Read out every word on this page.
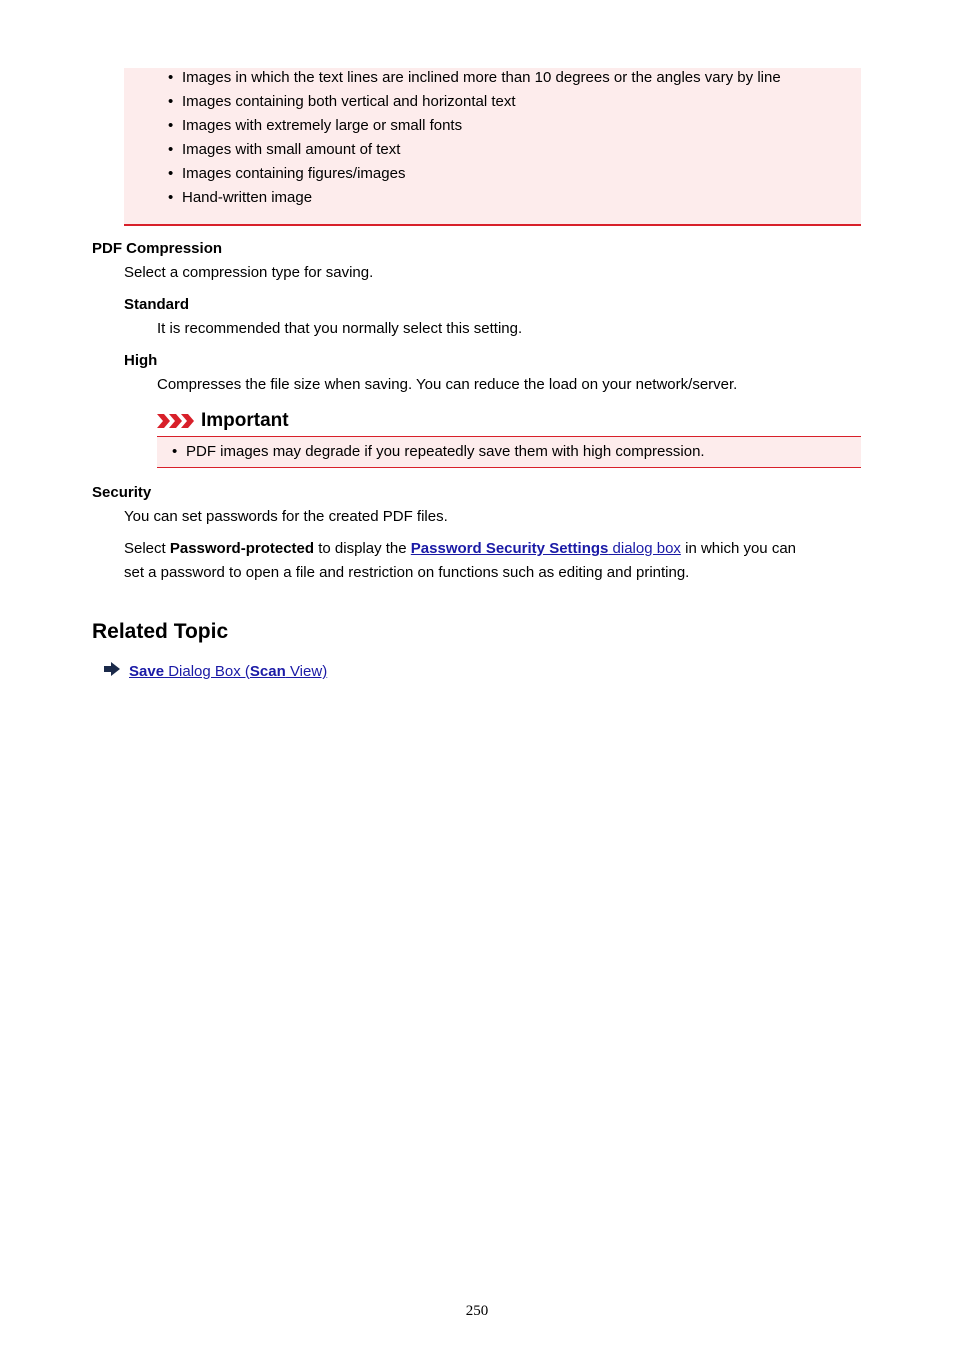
• Images in which the text lines are inclined more than 10 degrees or the angles vary by line
• Images containing both vertical and horizontal text
• Images with extremely large or small fonts
• Images with small amount of text
• Images containing figures/images
• Hand-written image
PDF Compression
Select a compression type for saving.
Standard
It is recommended that you normally select this setting.
High
Compresses the file size when saving. You can reduce the load on your network/server.
Important
• PDF images may degrade if you repeatedly save them with high compression.
Security
You can set passwords for the created PDF files.
Select Password-protected to display the Password Security Settings dialog box in which you can
set a password to open a file and restriction on functions such as editing and printing.
Related Topic
Save Dialog Box (Scan View)
250
